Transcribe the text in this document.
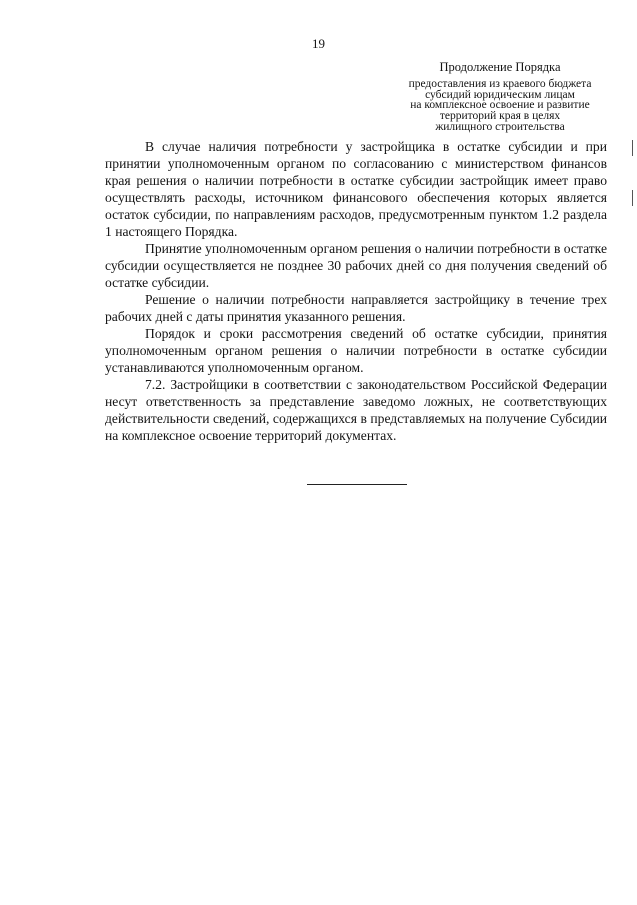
19
Продолжение Порядка
предоставления из краевого бюджета
субсидий юридическим лицам
на комплексное освоение и развитие
территорий края в целях
жилищного строительства

В случае наличия потребности у застройщика в остатке субсидии и при принятии уполномоченным органом по согласованию с министерством финансов края решения о наличии потребности в остатке субсидии застройщик имеет право осуществлять расходы, источником финансового обеспечения которых является остаток субсидии, по направлениям расходов, предусмотренным пунктом 1.2 раздела 1 настоящего Порядка.

Принятие уполномоченным органом решения о наличии потребности в остатке субсидии осуществляется не позднее 30 рабочих дней со дня получения сведений об остатке субсидии.

Решение о наличии потребности направляется застройщику в течение трех рабочих дней с даты принятия указанного решения.

Порядок и сроки рассмотрения сведений об остатке субсидии, принятия уполномоченным органом решения о наличии потребности в остатке субсидии устанавливаются уполномоченным органом.

7.2. Застройщики в соответствии с законодательством Российской Федерации несут ответственность за представление заведомо ложных, не соответствующих действительности сведений, содержащихся в представляемых на получение Субсидии на комплексное освоение территорий документах.
